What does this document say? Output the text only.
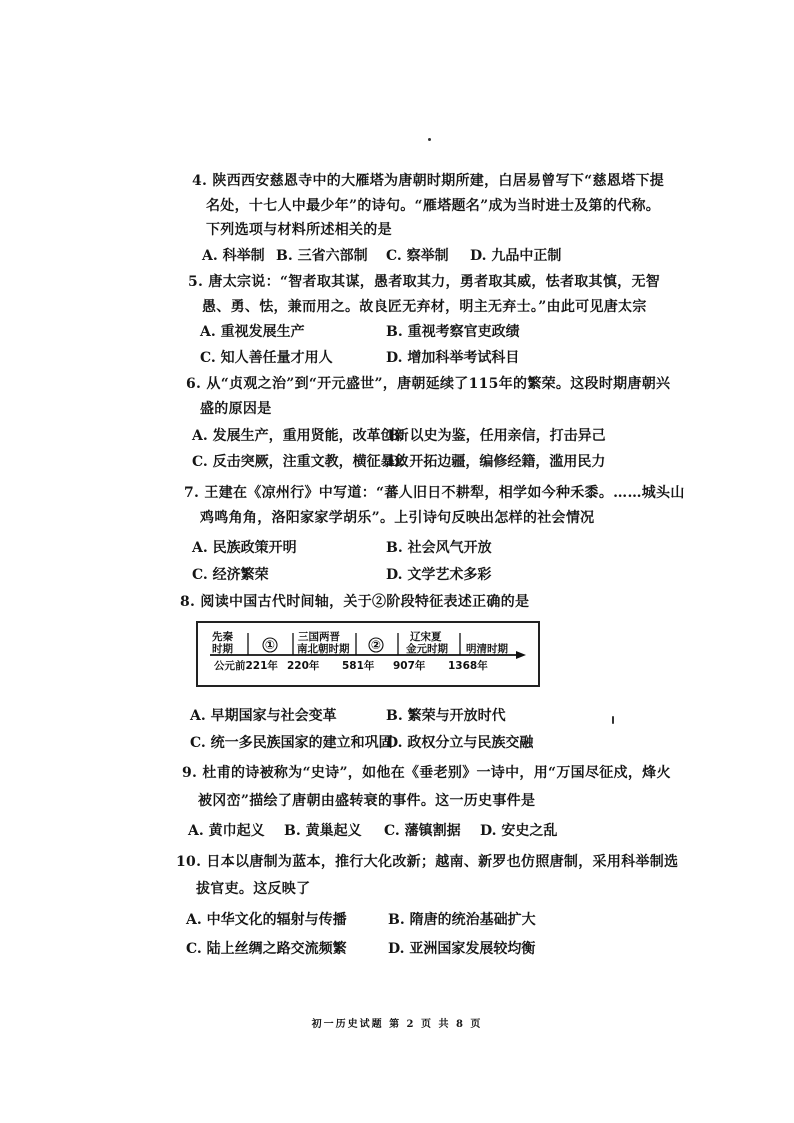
4. 陕西西安慈恩寺中的大雁塔为唐朝时期所建，白居易曾写下“慈恩塔下提
名处，十七人中最少年”的诗句。“雁塔题名”成为当时进士及第的代称。
下列选项与材料所述相关的是
A. 科举制 B. 三省六部制 C. 察举制 D. 九品中正制
5. 唐太宗说：“智者取其谋，愚者取其力，勇者取其威，怯者取其慎，无智
愚、勇、怯，兼而用之。故良匠无弃材，明主无弃士。”由此可见唐太宗
A. 重视发展生产	B. 重视考察官吏政绩
C. 知人善任量才用人	D. 增加科举考试科目
6. 从“贞观之治”到“开元盛世”，唐朝延续了115年的繁荣。这段时期唐朝兴
盛的原因是
A. 发展生产，重用贤能，改革创新
B. 以史为鉴，任用亲信，打击异己
C. 反击突厥，注重文教，横征暴敛
D. 开拓边疆，编修经籍，滥用民力
7. 王建在《凉州行》中写道：“蕃人旧日不耕犁，相学如今种禾黍。……城头山
鸡鸣角角，洛阳家家学胡乐”。上引诗句反映出怎样的社会情况
A. 民族政策开明	B. 社会风气开放
C. 经济繁荣	D. 文学艺术多彩
8. 阅读中国古代时间轴，关于②阶段特征表述正确的是
先秦
时期	①
三国两晋
南北朝时期 ②
辽宋夏
金元时期 明清时期
公元前221年 220年 581年 907年 1368年
A. 早期国家与社会变革	B. 繁荣与开放时代
C. 统一多民族国家的建立和巩固
D. 政权分立与民族交融
9. 杜甫的诗被称为“史诗”，如他在《垂老别》一诗中，用“万国尽征戍，烽火
被冈峦”描绘了唐朝由盛转衰的事件。这一历史事件是
A. 黄巾起义 B. 黄巢起义 C. 藩镇割据 D. 安史之乱
10. 日本以唐制为蓝本，推行大化改新；越南、新罗也仿照唐制，采用科举制选
拔官吏。这反映了
A. 中华文化的辐射与传播	B. 隋唐的统治基础扩大
C. 陆上丝绸之路交流频繁	D. 亚洲国家发展较均衡
初一历史试题 第 2 页 共 8 页
